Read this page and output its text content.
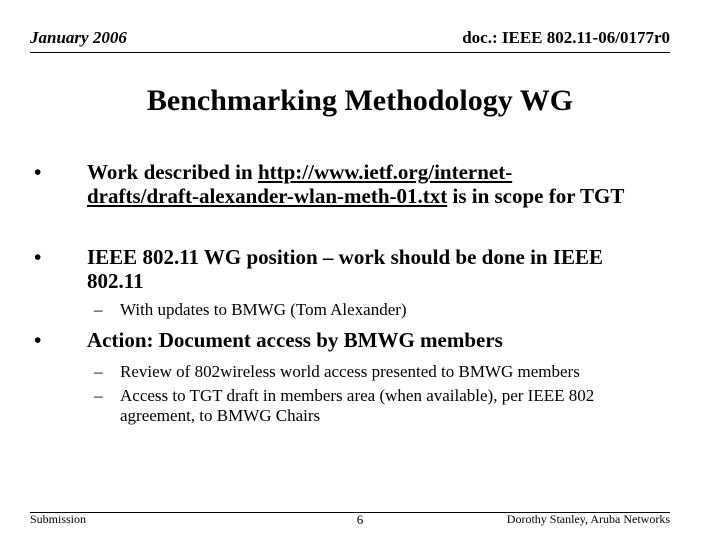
January 2006	doc.: IEEE 802.11-06/0177r0
Benchmarking Methodology WG
• Work described in http://www.ietf.org/internet-
drafts/draft-alexander-wlan-meth-01.txt is in scope for TGT
• IEEE 802.11 WG position – work should be done in IEEE 802.11
– With updates to BMWG (Tom Alexander)
• Action: Document access by BMWG members
– Review of 802wireless world access presented to BMWG members
– Access to TGT draft in members area (when available), per IEEE 802 agreement, to BMWG Chairs
Submission	6	Dorothy Stanley, Aruba Networks
